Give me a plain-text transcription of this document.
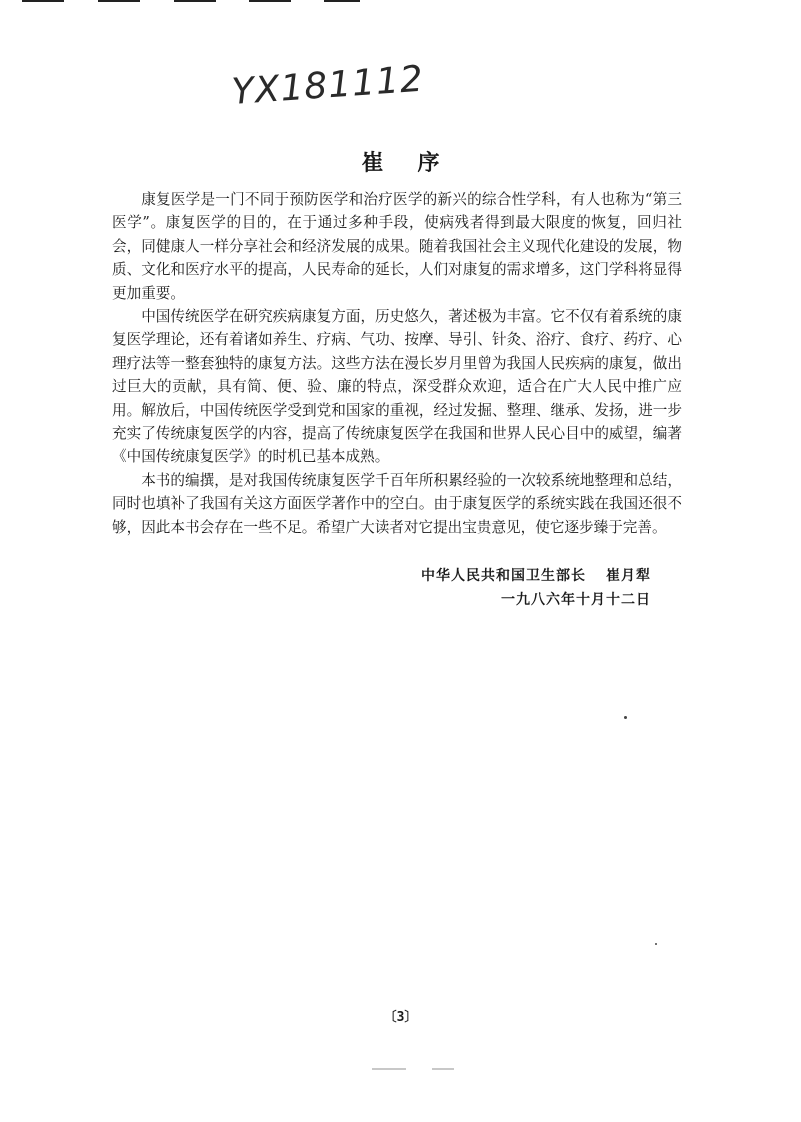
YX181112
崔序

康复医学是一门不同于预防医学和治疗医学的新兴的综合性学科，有人也称为“第三医学”。康复医学的目的，在于通过多种手段，使病残者得到最大限度的恢复，回归社会，同健康人一样分享社会和经济发展的成果。随着我国社会主义现代化建设的发展，物质、文化和医疗水平的提高，人民寿命的延长，人们对康复的需求增多，这门学科将显得更加重要。

中国传统医学在研究疾病康复方面，历史悠久，著述极为丰富。它不仅有着系统的康复医学理论，还有着诸如养生、疗病、气功、按摩、导引、针灸、浴疗、食疗、药疗、心理疗法等一整套独特的康复方法。这些方法在漫长岁月里曾为我国人民疾病的康复，做出过巨大的贡献，具有简、便、验、廉的特点，深受群众欢迎，适合在广大人民中推广应用。解放后，中国传统医学受到党和国家的重视，经过发掘、整理、继承、发扬，进一步充实了传统康复医学的内容，提高了传统康复医学在我国和世界人民心目中的威望，编著《中国传统康复医学》的时机已基本成熟。

本书的编撰，是对我国传统康复医学千百年所积累经验的一次较系统地整理和总结，同时也填补了我国有关这方面医学著作中的空白。由于康复医学的系统实践在我国还很不够，因此本书会存在一些不足。希望广大读者对它提出宝贵意见，使它逐步臻于完善。

中华人民共和国卫生部长 崔月犁
一九八六年十月十二日
〔3〕
